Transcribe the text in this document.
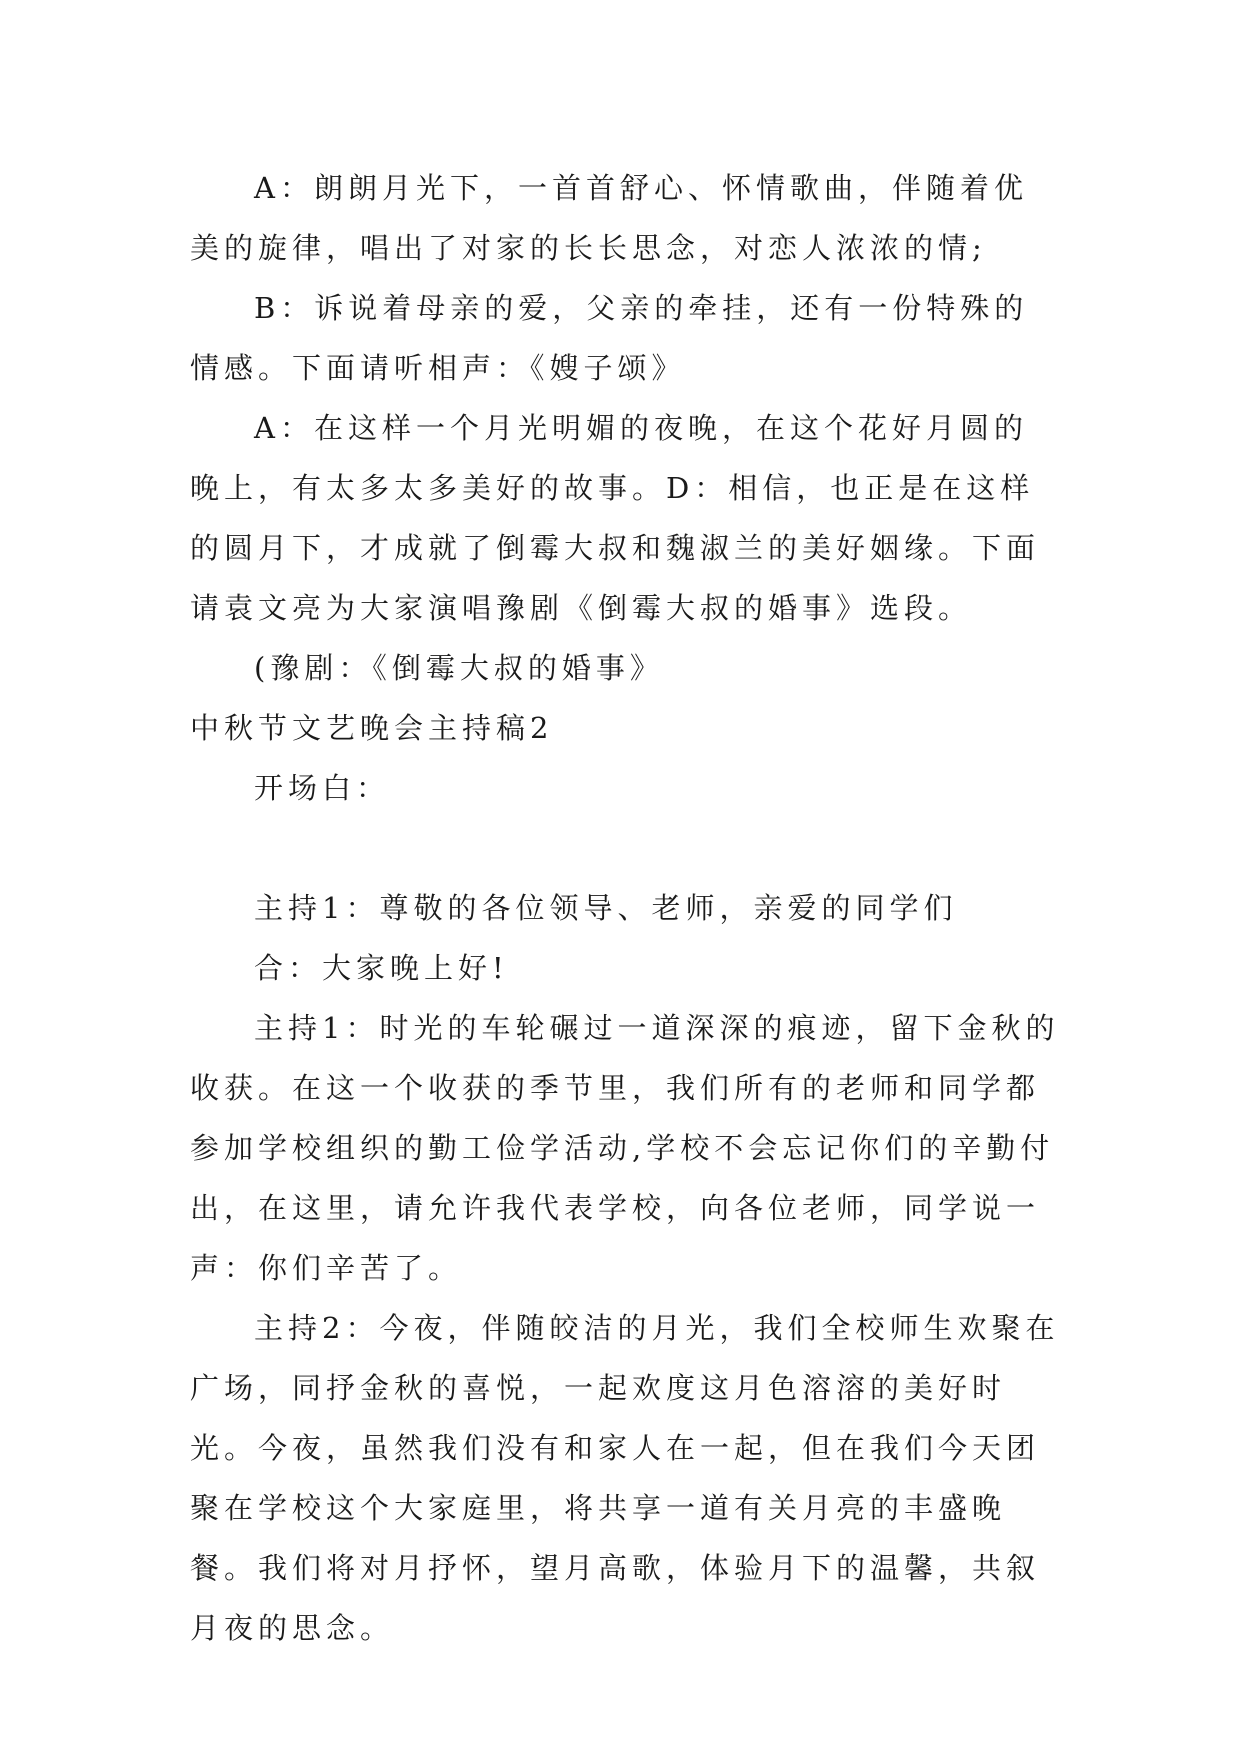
A：朗朗月光下，一首首舒心、怀情歌曲，伴随着优美的旋律，唱出了对家的长长思念，对恋人浓浓的情;

B：诉说着母亲的爱，父亲的牵挂，还有一份特殊的情感。下面请听相声：《嫂子颂》

A：在这样一个月光明媚的夜晚，在这个花好月圆的晚上，有太多太多美好的故事。D：相信，也正是在这样的圆月下，才成就了倒霉大叔和魏淑兰的美好姻缘。下面请袁文亮为大家演唱豫剧《倒霉大叔的婚事》选段。

(豫剧：《倒霉大叔的婚事》

中秋节文艺晚会主持稿2

开场白：

主持1：尊敬的各位领导、老师，亲爱的同学们

合：大家晚上好!

主持1：时光的车轮碾过一道深深的痕迹，留下金秋的收获。在这一个收获的季节里，我们所有的老师和同学都参加学校组织的勤工俭学活动,学校不会忘记你们的辛勤付出，在这里，请允许我代表学校，向各位老师，同学说一声：你们辛苦了。

主持2：今夜，伴随皎洁的月光，我们全校师生欢聚在广场，同抒金秋的喜悦，一起欢度这月色溶溶的美好时光。今夜，虽然我们没有和家人在一起，但在我们今天团聚在学校这个大家庭里，将共享一道有关月亮的丰盛晚餐。我们将对月抒怀，望月高歌，体验月下的温馨，共叙月夜的思念。
